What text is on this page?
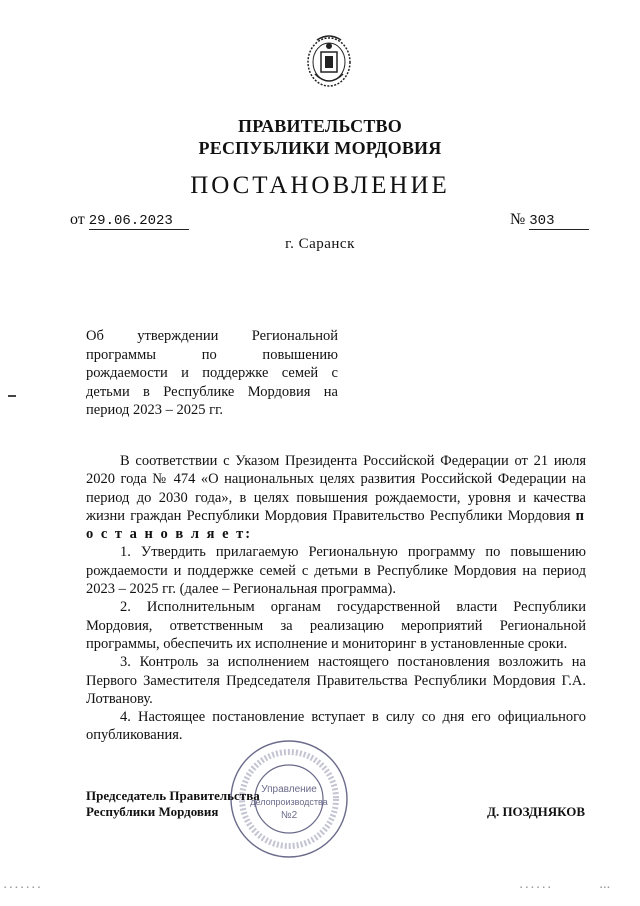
ПРАВИТЕЛЬСТВО
РЕСПУБЛИКИ МОРДОВИЯ
ПОСТАНОВЛЕНИЕ
от 29.06.2023	№ 303
г. Саранск
Об утверждении Региональной программы по повышению рождаемости и поддержке семей с детьми в Республике Мордовия на период 2023 – 2025 гг.

В соответствии с Указом Президента Российской Федерации от 21 июля 2020 года № 474 «О национальных целях развития Российской Федерации на период до 2030 года», в целях повышения рождаемости, уровня и качества жизни граждан Республики Мордовия Правительство Республики Мордовия п о с т а н о в л я е т:

1. Утвердить прилагаемую Региональную программу по повышению рождаемости и поддержке семей с детьми в Республике Мордовия на период 2023 – 2025 гг. (далее – Региональная программа).

2. Исполнительным органам государственной власти Республики Мордовия, ответственным за реализацию мероприятий Региональной программы, обеспечить их исполнение и мониторинг в установленные сроки.

3. Контроль за исполнением настоящего постановления возложить на Первого Заместителя Председателя Правительства Республики Мордовия Г.А. Лотванову.

4. Настоящее постановление вступает в силу со дня его официального опубликования.

Управление
делопроизводства
№2
Председатель Правительства
Республики Мордовия	Д. ПОЗДНЯКОВ
▪ ▪ ▪ ▪ ▪ ▪ ▪	▪ ▪ ▪ ▪ ▪ ▪	▪ ▪ ▪
